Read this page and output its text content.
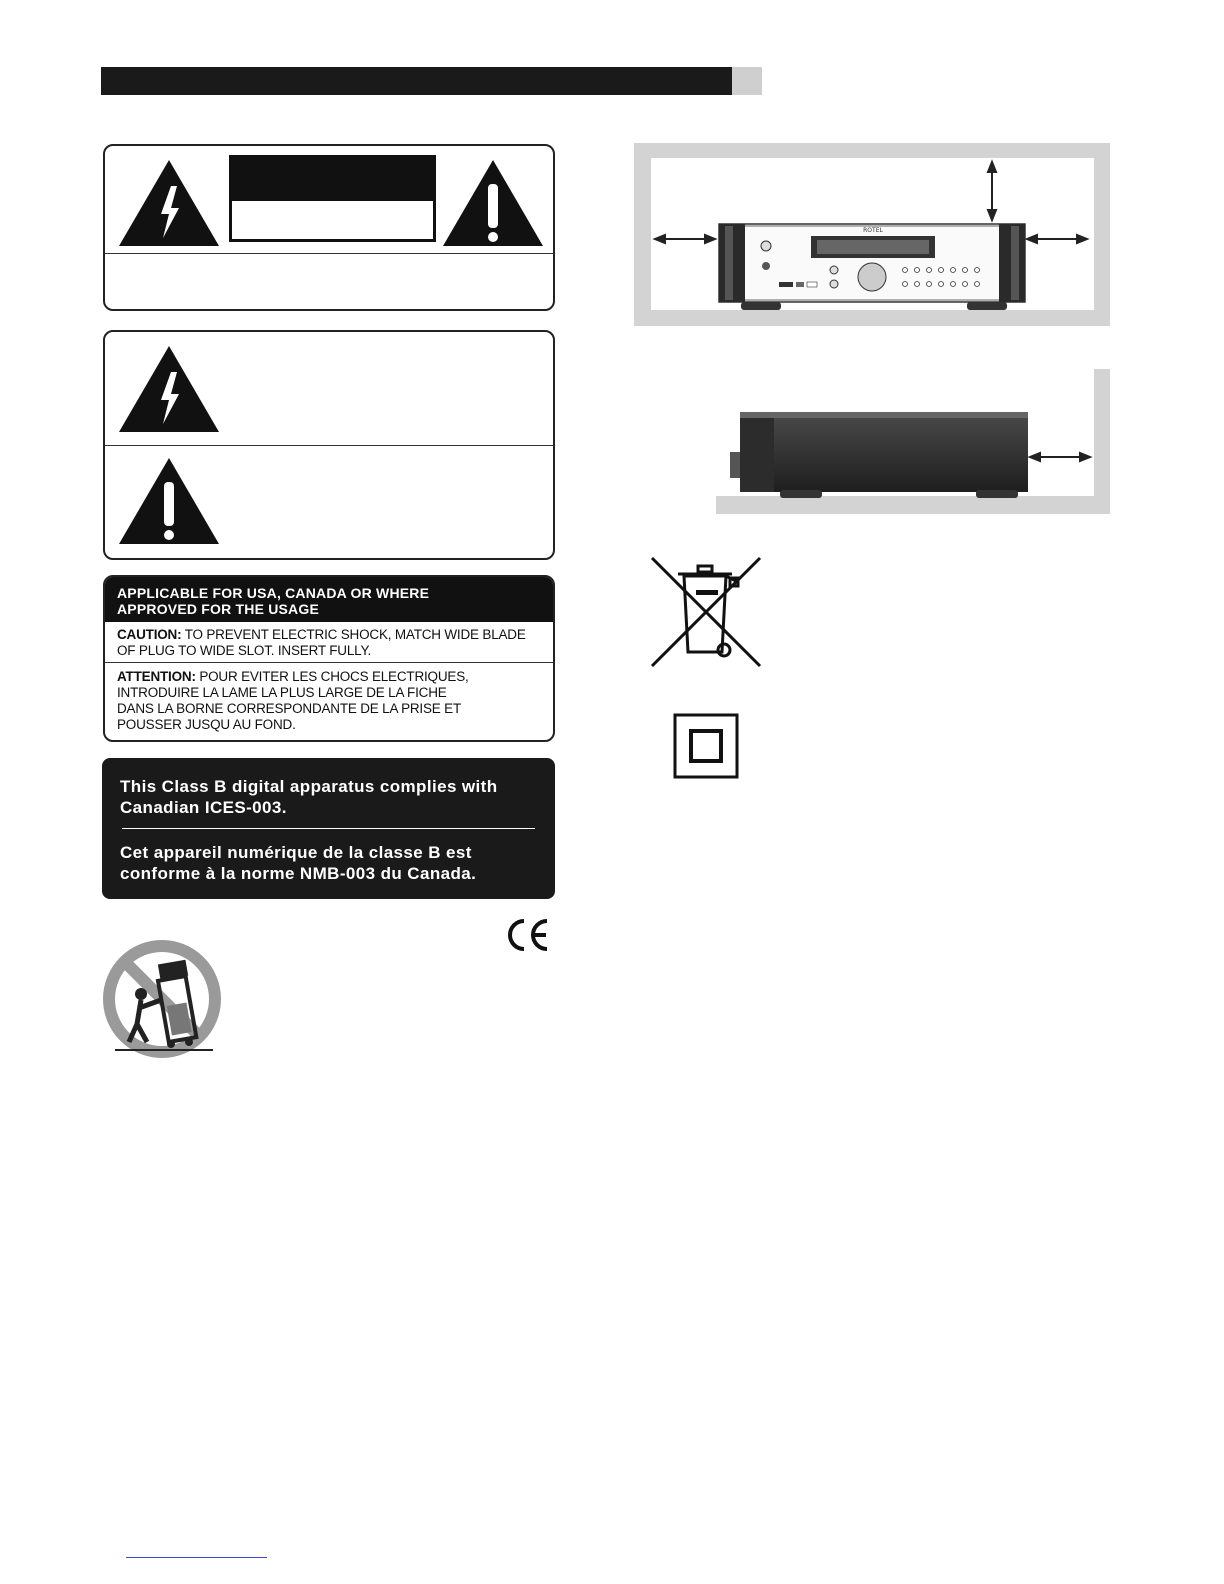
APPLICABLE FOR USA, CANADA OR WHERE
APPROVED FOR THE USAGE
CAUTION: TO PREVENT ELECTRIC SHOCK, MATCH WIDE BLADE
OF PLUG TO WIDE SLOT. INSERT FULLY.
ATTENTION: POUR EVITER LES CHOCS ELECTRIQUES,
INTRODUIRE LA LAME LA PLUS LARGE DE LA FICHE
DANS LA BORNE CORRESPONDANTE DE LA PRISE ET
POUSSER JUSQU AU FOND.
This Class B digital apparatus complies with
Canadian ICES-003.
Cet appareil numérique de la classe B est
conforme à la norme NMB-003 du Canada.
ROTEL
